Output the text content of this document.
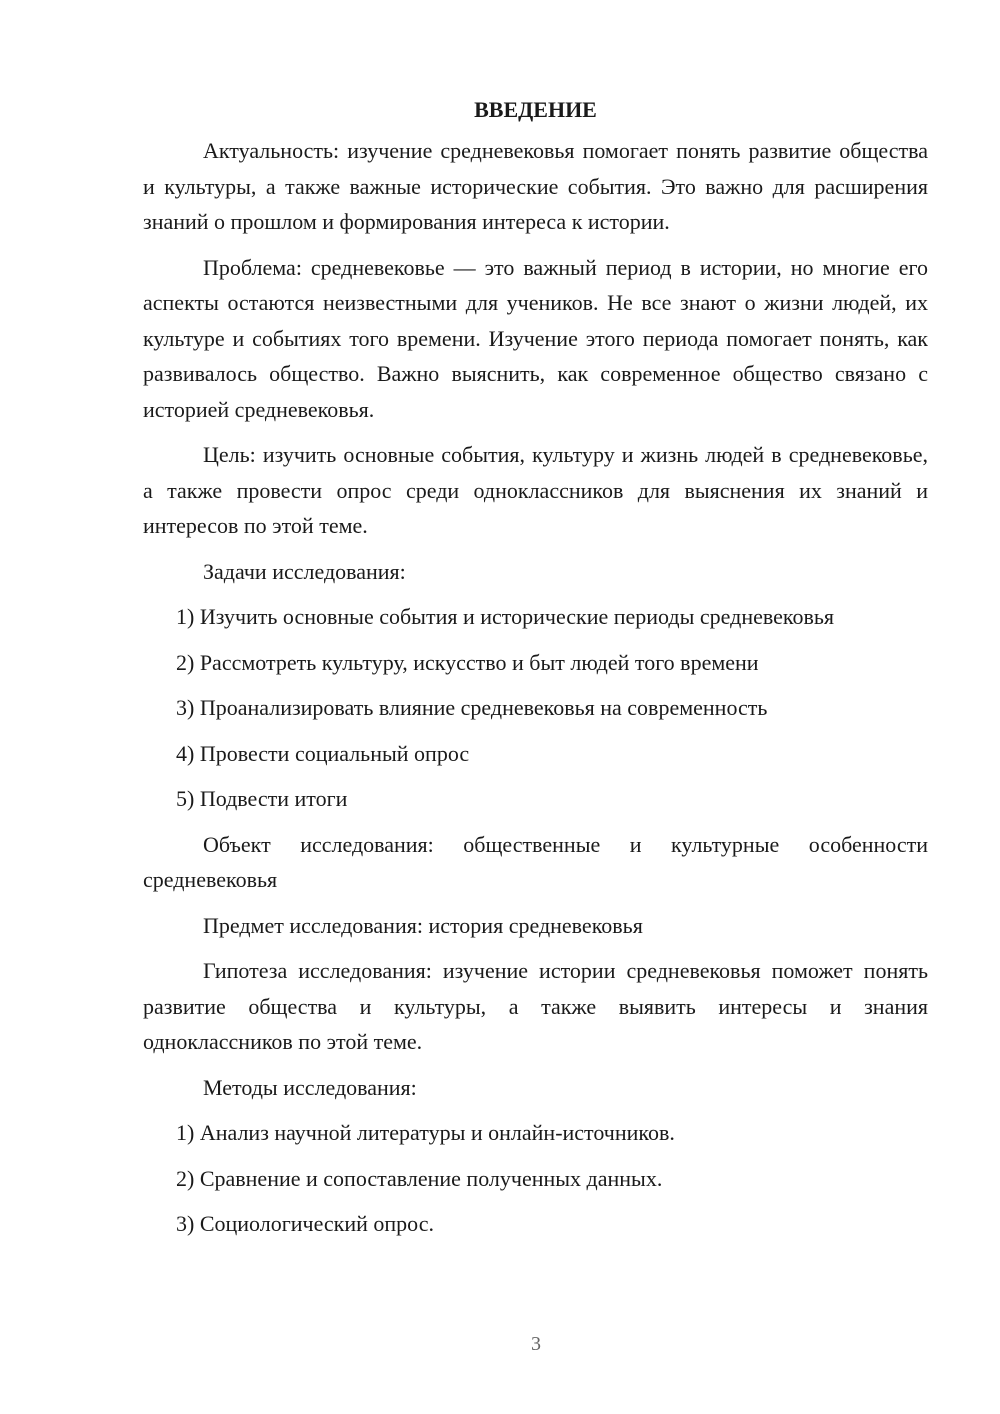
ВВЕДЕНИЕ

Актуальность: изучение средневековья помогает понять развитие общества и культуры, а также важные исторические события. Это важно для расширения знаний о прошлом и формирования интереса к истории.

Проблема: средневековье — это важный период в истории, но многие его аспекты остаются неизвестными для учеников. Не все знают о жизни людей, их культуре и событиях того времени. Изучение этого периода помогает понять, как развивалось общество. Важно выяснить, как современное общество связано с историей средневековья.

Цель: изучить основные события, культуру и жизнь людей в средневековье, а также провести опрос среди одноклассников для выяснения их знаний и интересов по этой теме.

Задачи исследования:

1) Изучить основные события и исторические периоды средневековья
2) Рассмотреть культуру, искусство и быт людей того времени
3) Проанализировать влияние средневековья на современность
4) Провести социальный опрос
5) Подвести итоги

Объект исследования: общественные и культурные особенности средневековья

Предмет исследования: история средневековья

Гипотеза исследования: изучение истории средневековья поможет понять развитие общества и культуры, а также выявить интересы и знания одноклассников по этой теме.

Методы исследования:

1) Анализ научной литературы и онлайн-источников.
2) Сравнение и сопоставление полученных данных.
3) Социологический опрос.
3
